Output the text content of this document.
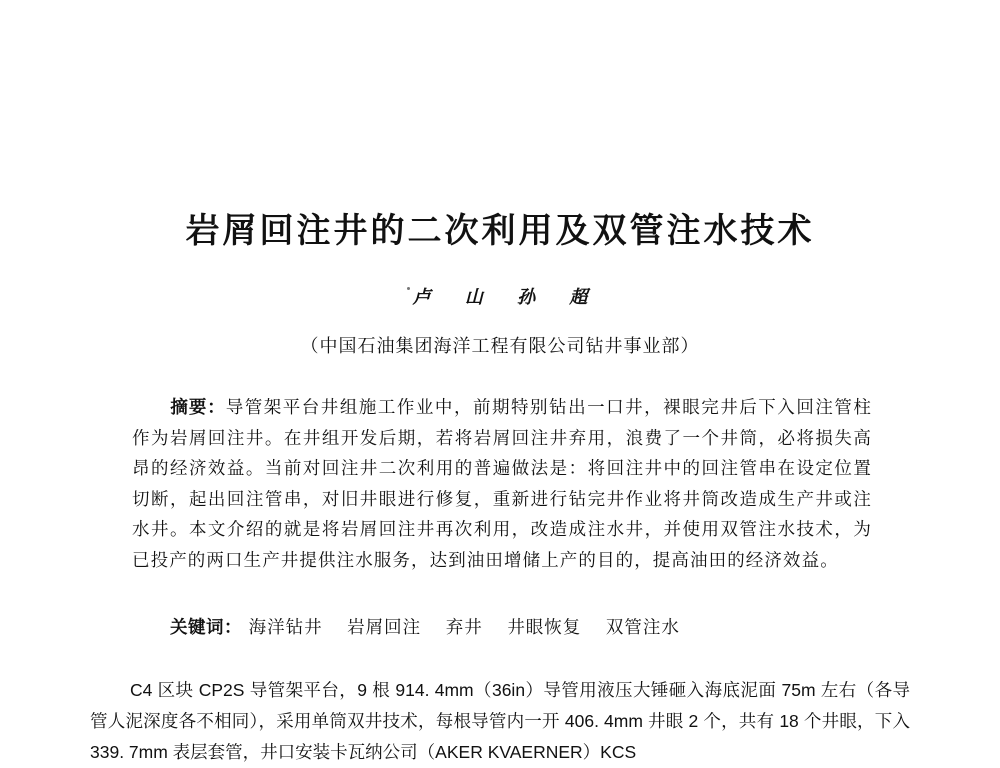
岩屑回注井的二次利用及双管注水技术
卢 山 孙 超
（中国石油集团海洋工程有限公司钻井事业部）

摘要：导管架平台井组施工作业中，前期特别钻出一口井，裸眼完井后下入回注管柱作为岩屑回注井。在井组开发后期，若将岩屑回注井弃用，浪费了一个井筒，必将损失高昂的经济效益。当前对回注井二次利用的普遍做法是：将回注井中的回注管串在设定位置切断，起出回注管串，对旧井眼进行修复，重新进行钻完井作业将井筒改造成生产井或注水井。本文介绍的就是将岩屑回注井再次利用，改造成注水井，并使用双管注水技术，为已投产的两口生产井提供注水服务，达到油田增储上产的目的，提高油田的经济效益。

关键词： 海洋钻井 岩屑回注 弃井 井眼恢复 双管注水

C4 区块 CP2S 导管架平台，9 根 914. 4mm（36in）导管用液压大锤砸入海底泥面 75m 左右（各导管人泥深度各不相同），采用单筒双井技术，每根导管内一开 406. 4mm 井眼 2 个，共有 18 个井眼，下入 339. 7mm 表层套管，井口安装卡瓦纳公司（AKER KVAERNER）KCS
